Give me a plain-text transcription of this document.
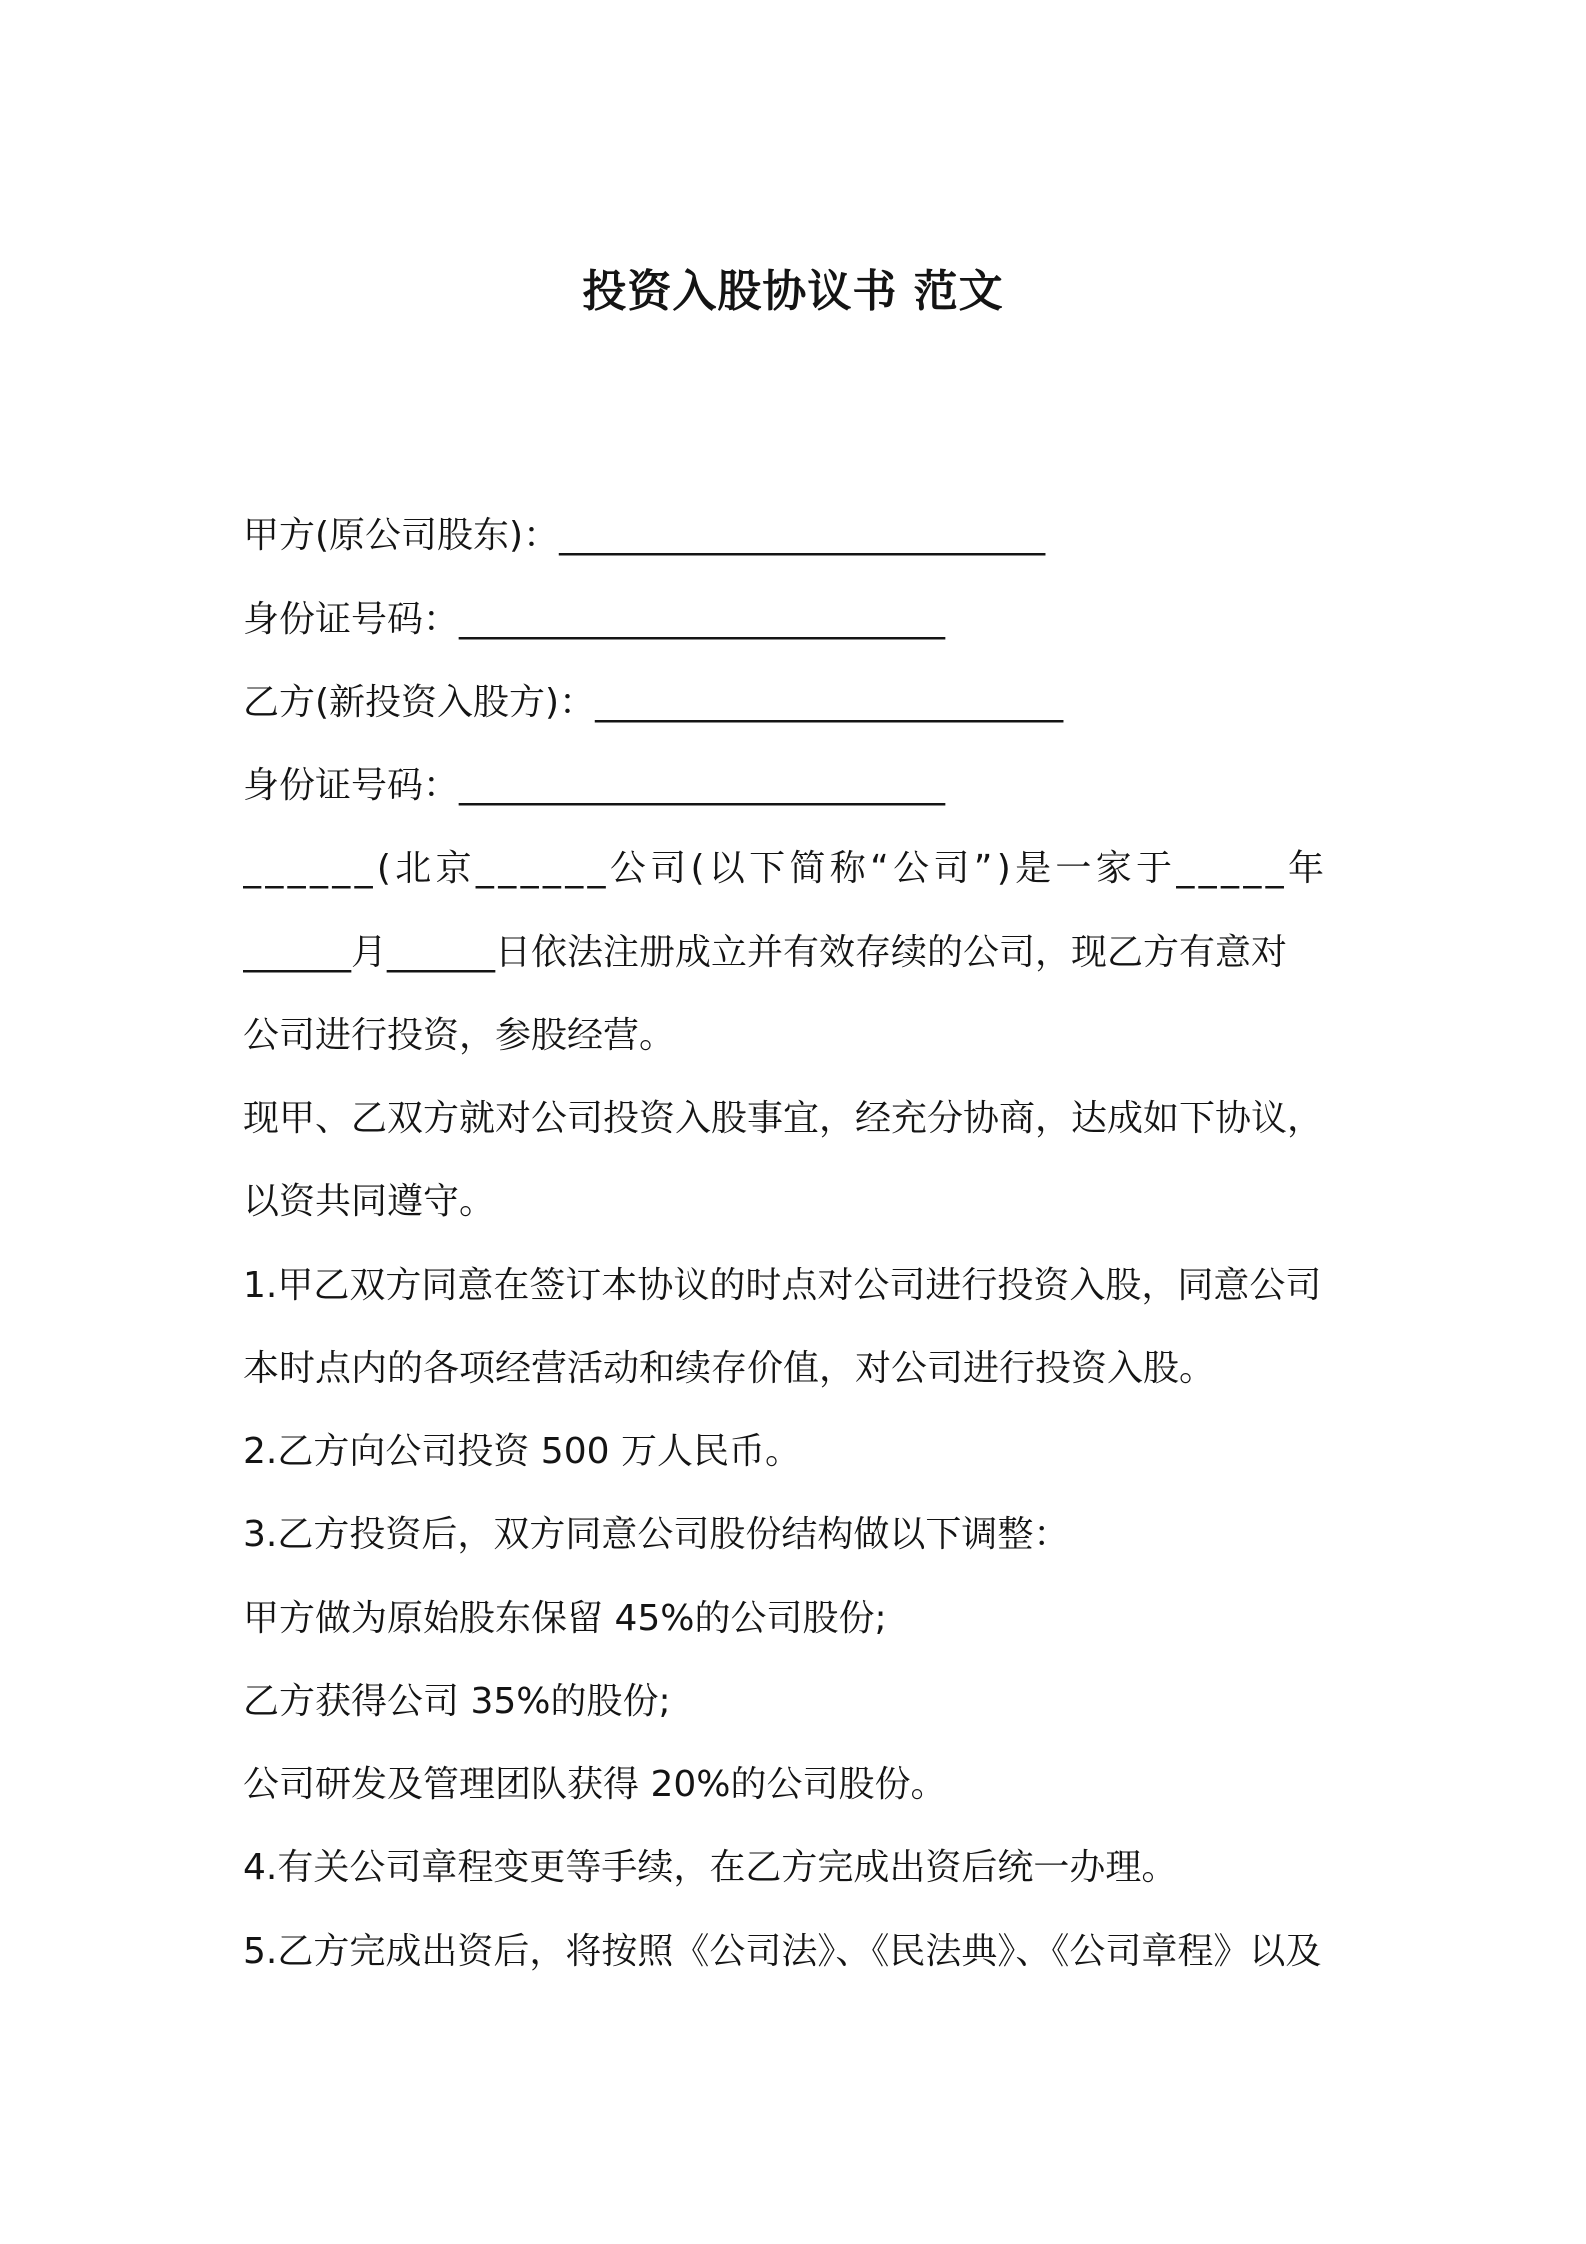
投资入股协议书 范文
甲方(原公司股东)：___________________________
身份证号码：___________________________
乙方(新投资入股方)：__________________________
身份证号码：___________________________
______(北京______公司(以下简称“公司”)是一家于_____年
______月______日依法注册成立并有效存续的公司，现乙方有意对
公司进行投资，参股经营。
现甲、乙双方就对公司投资入股事宜，经充分协商，达成如下协议，
以资共同遵守。
1.甲乙双方同意在签订本协议的时点对公司进行投资入股，同意公司
本时点内的各项经营活动和续存价值，对公司进行投资入股。
2.乙方向公司投资 500 万人民币。
3.乙方投资后，双方同意公司股份结构做以下调整：
甲方做为原始股东保留 45%的公司股份;
乙方获得公司 35%的股份;
公司研发及管理团队获得 20%的公司股份。
4.有关公司章程变更等手续，在乙方完成出资后统一办理。
5.乙方完成出资后，将按照《公司法》、《民法典》、《公司章程》以及
